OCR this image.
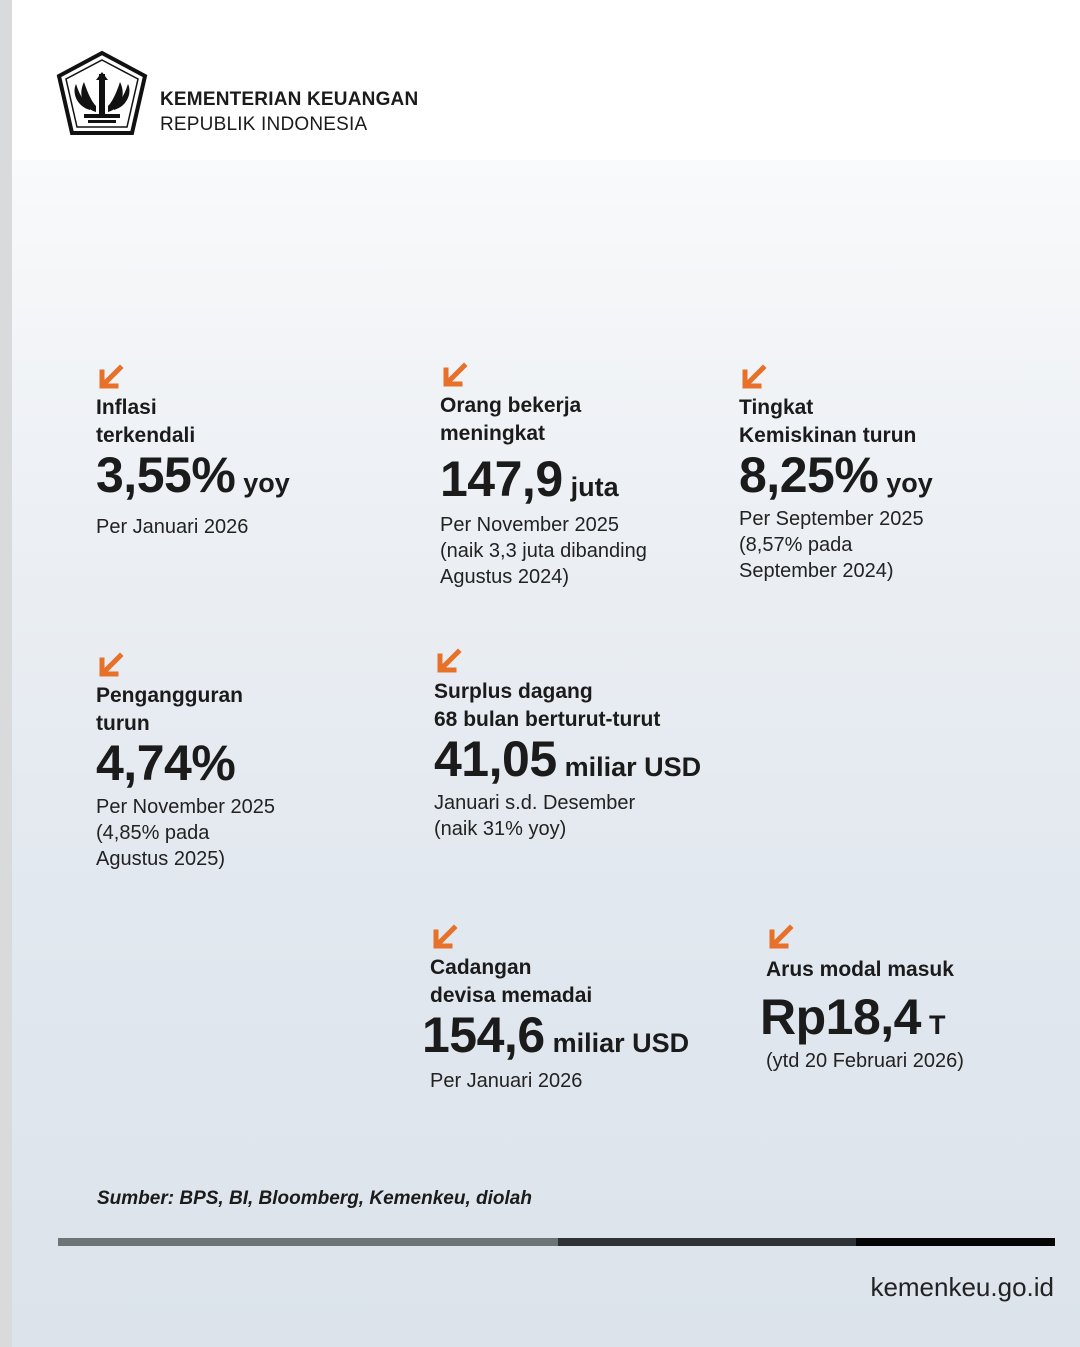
KEMENTERIAN KEUANGAN
REPUBLIK INDONESIA
Inflasi
terkendali
3,55% yoy
Per Januari 2026
Orang bekerja
meningkat
147,9 juta
Per November 2025
(naik 3,3 juta dibanding
Agustus 2024)
Tingkat
Kemiskinan turun
8,25% yoy
Per September 2025
(8,57% pada
September 2024)
Pengangguran
turun
4,74%
Per November 2025
(4,85% pada
Agustus 2025)
Surplus dagang
68 bulan berturut-turut
41,05 miliar USD
Januari s.d. Desember
(naik 31% yoy)
Cadangan
devisa memadai
154,6 miliar USD
Per Januari 2026
Arus modal masuk
Rp18,4 T
(ytd 20 Februari 2026)
Sumber: BPS, BI, Bloomberg, Kemenkeu, diolah
kemenkeu.go.id
